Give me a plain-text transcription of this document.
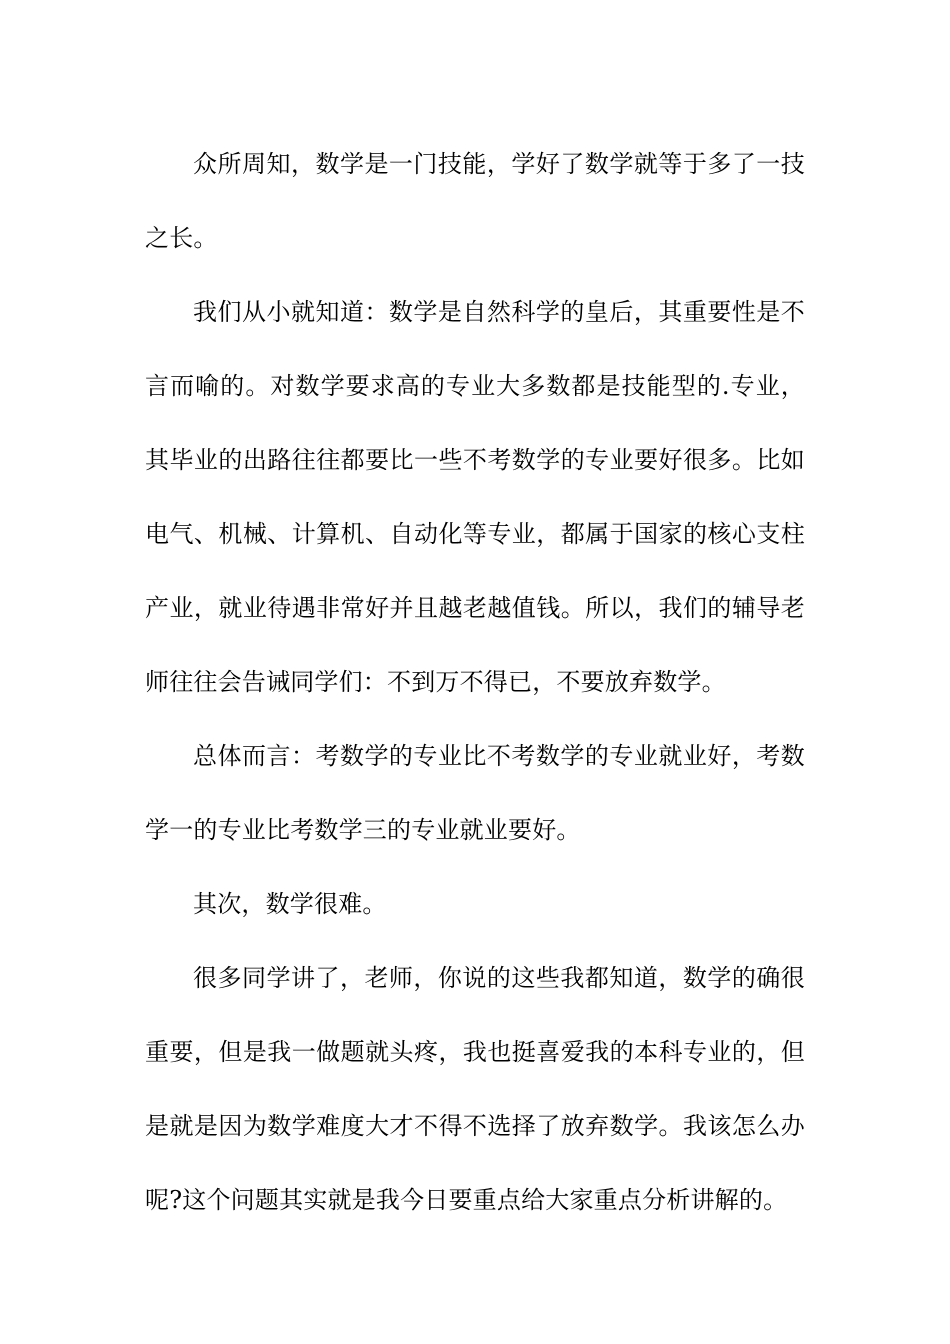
众所周知，数学是一门技能，学好了数学就等于多了一技之长。

我们从小就知道：数学是自然科学的皇后，其重要性是不言而喻的。对数学要求高的专业大多数都是技能型的.专业，其毕业的出路往往都要比一些不考数学的专业要好很多。比如电气、机械、计算机、自动化等专业，都属于国家的核心支柱产业，就业待遇非常好并且越老越值钱。所以，我们的辅导老师往往会告诫同学们：不到万不得已，不要放弃数学。

总体而言：考数学的专业比不考数学的专业就业好，考数学一的专业比考数学三的专业就业要好。

其次，数学很难。

很多同学讲了，老师，你说的这些我都知道，数学的确很重要，但是我一做题就头疼，我也挺喜爱我的本科专业的，但是就是因为数学难度大才不得不选择了放弃数学。我该怎么办呢?这个问题其实就是我今日要重点给大家重点分析讲解的。
